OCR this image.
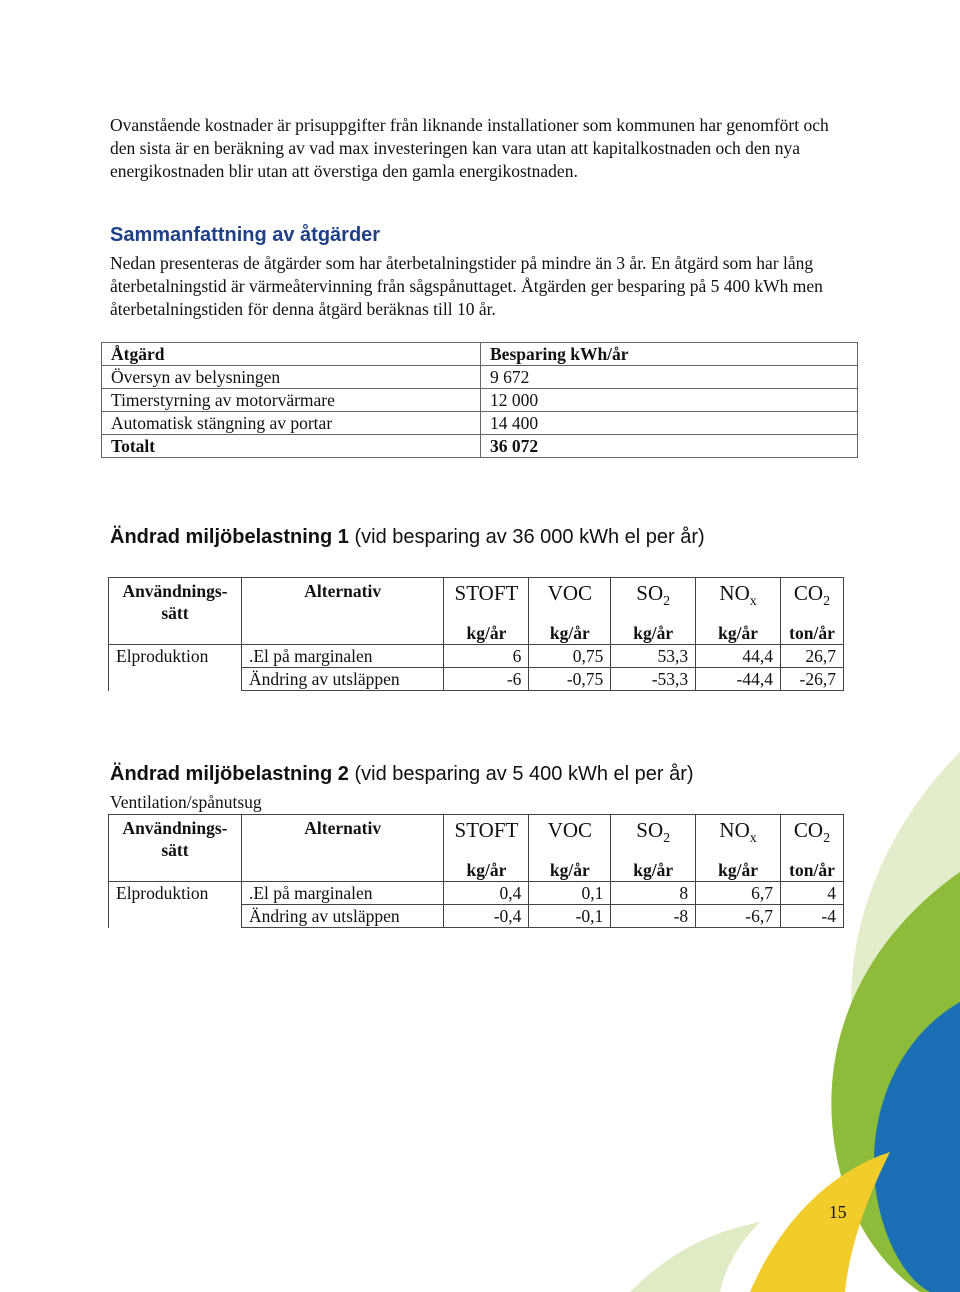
Ovanstående kostnader är prisuppgifter från liknande installationer som kommunen har genomfört och den sista är en beräkning av vad max investeringen kan vara utan att kapitalkostnaden och den nya energikostnaden blir utan att överstiga den gamla energikostnaden.

Sammanfattning av åtgärder

Nedan presenteras de åtgärder som har återbetalningstider på mindre än 3 år. En åtgärd som har lång återbetalningstid är värmeåtervinning från sågspånuttaget. Åtgärden ger besparing på 5 400 kWh men återbetalningstiden för denna åtgärd beräknas till 10 år.

Åtgärd	Besparing kWh/år
Översyn av belysningen	9 672
Timerstyrning av motorvärmare	12 000
Automatisk stängning av portar	14 400
Totalt	36 072
Ändrad miljöbelastning 1 (vid besparing av 36 000 kWh el per år)
Användnings- sätt	Alternativ	STOFT	VOC	$SO_2$	$NO_x$	$CO_2$
		kg/år	kg/år	kg/år	kg/år	ton/år
Elproduktion	.El på marginalen	6	0,75	53,3	44,4	26,7
	Ändring av utsläppen	-6	-0,75	-53,3	-44,4	-26,7
Ändrad miljöbelastning 2 (vid besparing av 5 400 kWh el per år)

Ventilation/spånutsug

Användnings- sätt	Alternativ	STOFT	VOC	$SO_2$	$NO_x$	$CO_2$
		kg/år	kg/år	kg/år	kg/år	ton/år
Elproduktion	.El på marginalen	0,4	0,1	8	6,7	4
	Ändring av utsläppen	-0,4	-0,1	-8	-6,7	-4
15
